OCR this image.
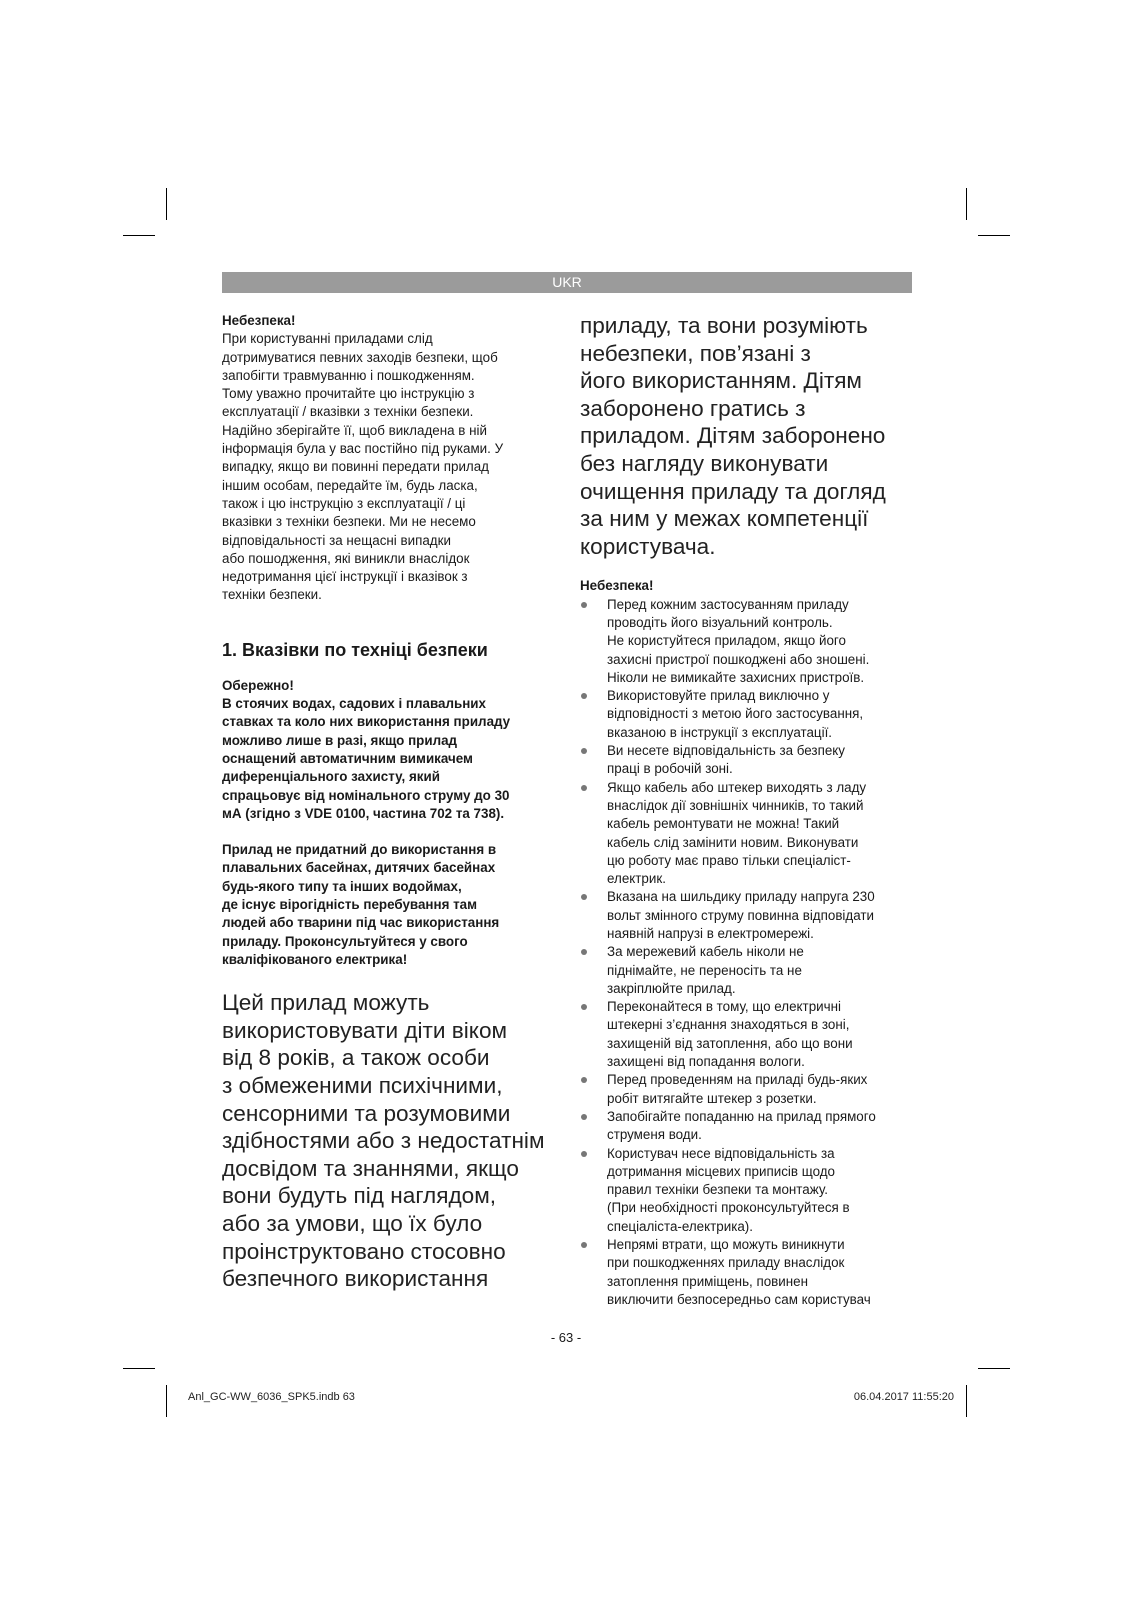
UKR

Небезпека!

При користуванні приладами слід
дотримуватися певних заходів безпеки, щоб
запобігти травмуванню і пошкодженням.
Тому уважно прочитайте цю інструкцію з
експлуатації / вказівки з техніки безпеки.
Надійно зберігайте її, щоб викладена в ній
інформація була у вас постійно під руками. У
випадку, якщо ви повинні передати прилад
іншим особам, передайте їм, будь ласка,
також і цю інструкцію з експлуатації / ці
вказівки з техніки безпеки. Ми не несемо
відповідальності за нещасні випадки
або пошодження, які виникли внаслідок
недотримання цієї інструкції і вказівок з
техніки безпеки.

1. Вказівки по техніці безпеки

Обережно!

В стоячих водах, садових і плавальних
ставках та коло них використання приладу
можливо лише в разі, якщо прилад
оснащений автоматичним вимикачем
диференціального захисту, який
спрацьовує від номінального струму до 30
мА (згідно з VDE 0100, частина 702 та 738).
Прилад не придатний до використання в
плавальних басейнах, дитячих басейнах
будь-якого типу та інших водоймах,
де існує вірогідність перебування там
людей або тварини під час використання
приладу. Проконсультуйтеся у свого
кваліфікованого електрика!
Цей прилад можуть
використовувати діти віком
від 8 років, а також особи
з обмеженими психічними,
сенсорними та розумовими
здібностями або з недостатнім
досвідом та знаннями, якщо
вони будуть під наглядом,
або за умови, що їх було
проінструктовано стосовно
безпечного використання
приладу, та вони розуміють
небезпеки, пов’язані з
його використанням. Дітям
заборонено гратись з
приладом. Дітям заборонено
без нагляду виконувати
очищення приладу та догляд
за ним у межах компетенції
користувача.

Небезпека!

Перед кожним застосуванням приладу
проводіть його візуальний контроль.
Не користуйтеся приладом, якщо його
захисні пристрої пошкоджені або зношені.
Ніколи не вимикайте захисних пристроїв.
Використовуйте прилад виключно у
відповідності з метою його застосування,
вказаною в інструкції з експлуатації.
Ви несете відповідальність за безпеку
праці в робочій зоні.
Якщо кабель або штекер виходять з ладу
внаслідок дії зовнішніх чинників, то такий
кабель ремонтувати не можна! Такий
кабель слід замінити новим. Виконувати
цю роботу має право тільки спеціаліст-
електрик.
Вказана на шильдику приладу напруга 230
вольт змінного струму повинна відповідати
наявній напрузі в електромережі.
За мережевий кабель ніколи не
піднімайте, не переносіть та не
закріплюйте прилад.
Переконайтеся в тому, що електричні
штекерні з’єднання знаходяться в зоні,
захищеній від затоплення, або що вони
захищені від попадання вологи.
Перед проведенням на приладі будь-яких
робіт витягайте штекер з розетки.
Запобігайте попаданню на прилад прямого
струменя води.
Користувач несе відповідальність за
дотримання місцевих приписів щодо
правил техніки безпеки та монтажу.
(При необхідності проконсультуйтеся в
спеціаліста-електрика).
Непрямі втрати, що можуть виникнути
при пошкодженнях приладу внаслідок
затоплення приміщень, повинен
виключити безпосередньо сам користувач
- 63 -
Anl_GC-WW_6036_SPK5.indb 63	06.04.2017 11:55:20
